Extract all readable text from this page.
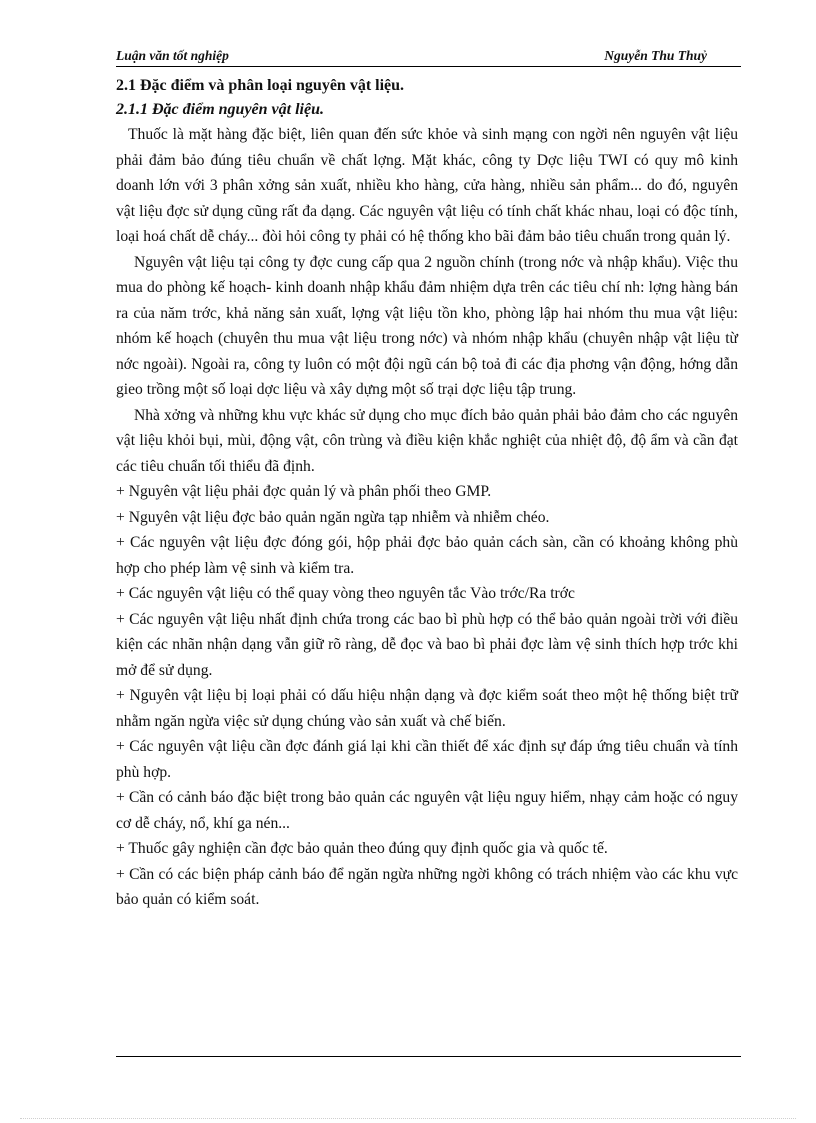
Luận văn tốt nghiệp	Nguyễn Thu Thuỷ

2.1 Đặc điểm và phân loại nguyên vật liệu.

2.1.1 Đặc điểm nguyên vật liệu.

Thuốc là mặt hàng đặc biệt, liên quan đến sức khỏe và sinh mạng con ngời nên nguyên vật liệu phải đảm bảo đúng tiêu chuẩn về chất lợng. Mặt khác, công ty Dợc liệu TWI có quy mô kinh doanh lớn với 3 phân xởng sản xuất, nhiều kho hàng, cửa hàng, nhiều sản phẩm... do đó, nguyên vật liệu đợc sử dụng cũng rất đa dạng. Các nguyên vật liệu có tính chất khác nhau, loại có độc tính, loại hoá chất dễ cháy... đòi hỏi công ty phải có hệ thống kho bãi đảm bảo tiêu chuẩn trong quản lý.

Nguyên vật liệu tại công ty đợc cung cấp qua 2 nguồn chính (trong nớc và nhập khẩu). Việc thu mua do phòng kế hoạch- kinh doanh nhập khẩu đảm nhiệm dựa trên các tiêu chí nh: lợng hàng bán ra của năm trớc, khả năng sản xuất, lợng vật liệu tồn kho, phòng lập hai nhóm thu mua vật liệu: nhóm kế hoạch (chuyên thu mua vật liệu trong nớc) và nhóm nhập khẩu (chuyên nhập vật liệu từ nớc ngoài). Ngoài ra, công ty luôn có một đội ngũ cán bộ toả đi các địa phơng vận động, hớng dẫn gieo trồng một số loại dợc liệu và xây dựng một số trại dợc liệu tập trung.

Nhà xởng và những khu vực khác sử dụng cho mục đích bảo quản phải bảo đảm cho các nguyên vật liệu khỏi bụi, mùi, động vật, côn trùng và điều kiện khắc nghiệt của nhiệt độ, độ ẩm và cần đạt các tiêu chuẩn tối thiểu đã định.

+ Nguyên vật liệu phải đợc quản lý và phân phối theo GMP.

+ Nguyên vật liệu đợc bảo quản ngăn ngừa tạp nhiễm và nhiễm chéo.

+ Các nguyên vật liệu đợc đóng gói, hộp phải đợc bảo quản cách sàn, cần có khoảng không phù hợp cho phép làm vệ sinh và kiểm tra.

+ Các nguyên vật liệu có thể quay vòng theo nguyên tắc Vào trớc/Ra trớc

+ Các nguyên vật liệu nhất định chứa trong các bao bì phù hợp có thể bảo quản ngoài trời với điều kiện các nhãn nhận dạng vẫn giữ rõ ràng, dễ đọc và bao bì phải đợc làm vệ sinh thích hợp trớc khi mở để sử dụng.

+ Nguyên vật liệu bị loại phải có dấu hiệu nhận dạng và đợc kiểm soát theo một hệ thống biệt trữ nhằm ngăn ngừa việc sử dụng chúng vào sản xuất và chế biến.

+ Các nguyên vật liệu cần đợc đánh giá lại khi cần thiết để xác định sự đáp ứng tiêu chuẩn và tính phù hợp.

+ Cần có cảnh báo đặc biệt trong bảo quản các nguyên vật liệu nguy hiểm, nhạy cảm hoặc có nguy cơ dễ cháy, nổ, khí ga nén...

+ Thuốc gây nghiện cần đợc bảo quản theo đúng quy định quốc gia và quốc tế.

+ Cần có các biện pháp cảnh báo để ngăn ngừa những ngời không có trách nhiệm vào các khu vực bảo quản có kiểm soát.
